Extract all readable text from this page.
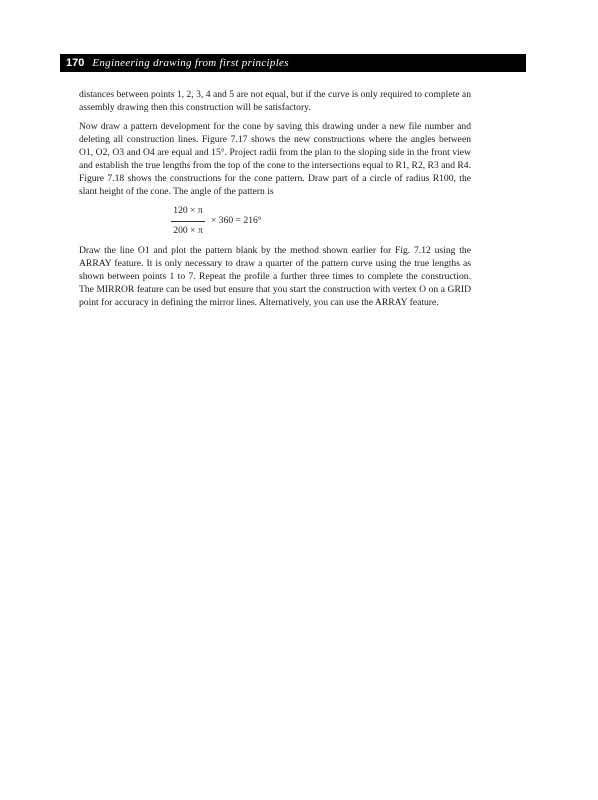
170 Engineering drawing from first principles

distances between points 1, 2, 3, 4 and 5 are not equal, but if the curve is only required to complete an assembly drawing then this construction will be satisfactory.

Now draw a pattern development for the cone by saving this drawing under a new file number and deleting all construction lines. Figure 7.17 shows the new constructions where the angles between O1, O2, O3 and O4 are equal and 15°. Project radii from the plan to the sloping side in the front view and establish the true lengths from the top of the cone to the intersections equal to R1, R2, R3 and R4. Figure 7.18 shows the constructions for the cone pattern. Draw part of a circle of radius R100, the slant height of the cone. The angle of the pattern is

$\frac{120 \times \pi}{200 \times \pi} \times 360 = 216^\circ$

Draw the line O1 and plot the pattern blank by the method shown earlier for Fig. 7.12 using the ARRAY feature. It is only necessary to draw a quarter of the pattern curve using the true lengths as shown between points 1 to 7. Repeat the profile a further three times to complete the construction. The MIRROR feature can be used but ensure that you start the construction with vertex O on a GRID point for accuracy in defining the mirror lines. Alternatively, you can use the ARRAY feature.
